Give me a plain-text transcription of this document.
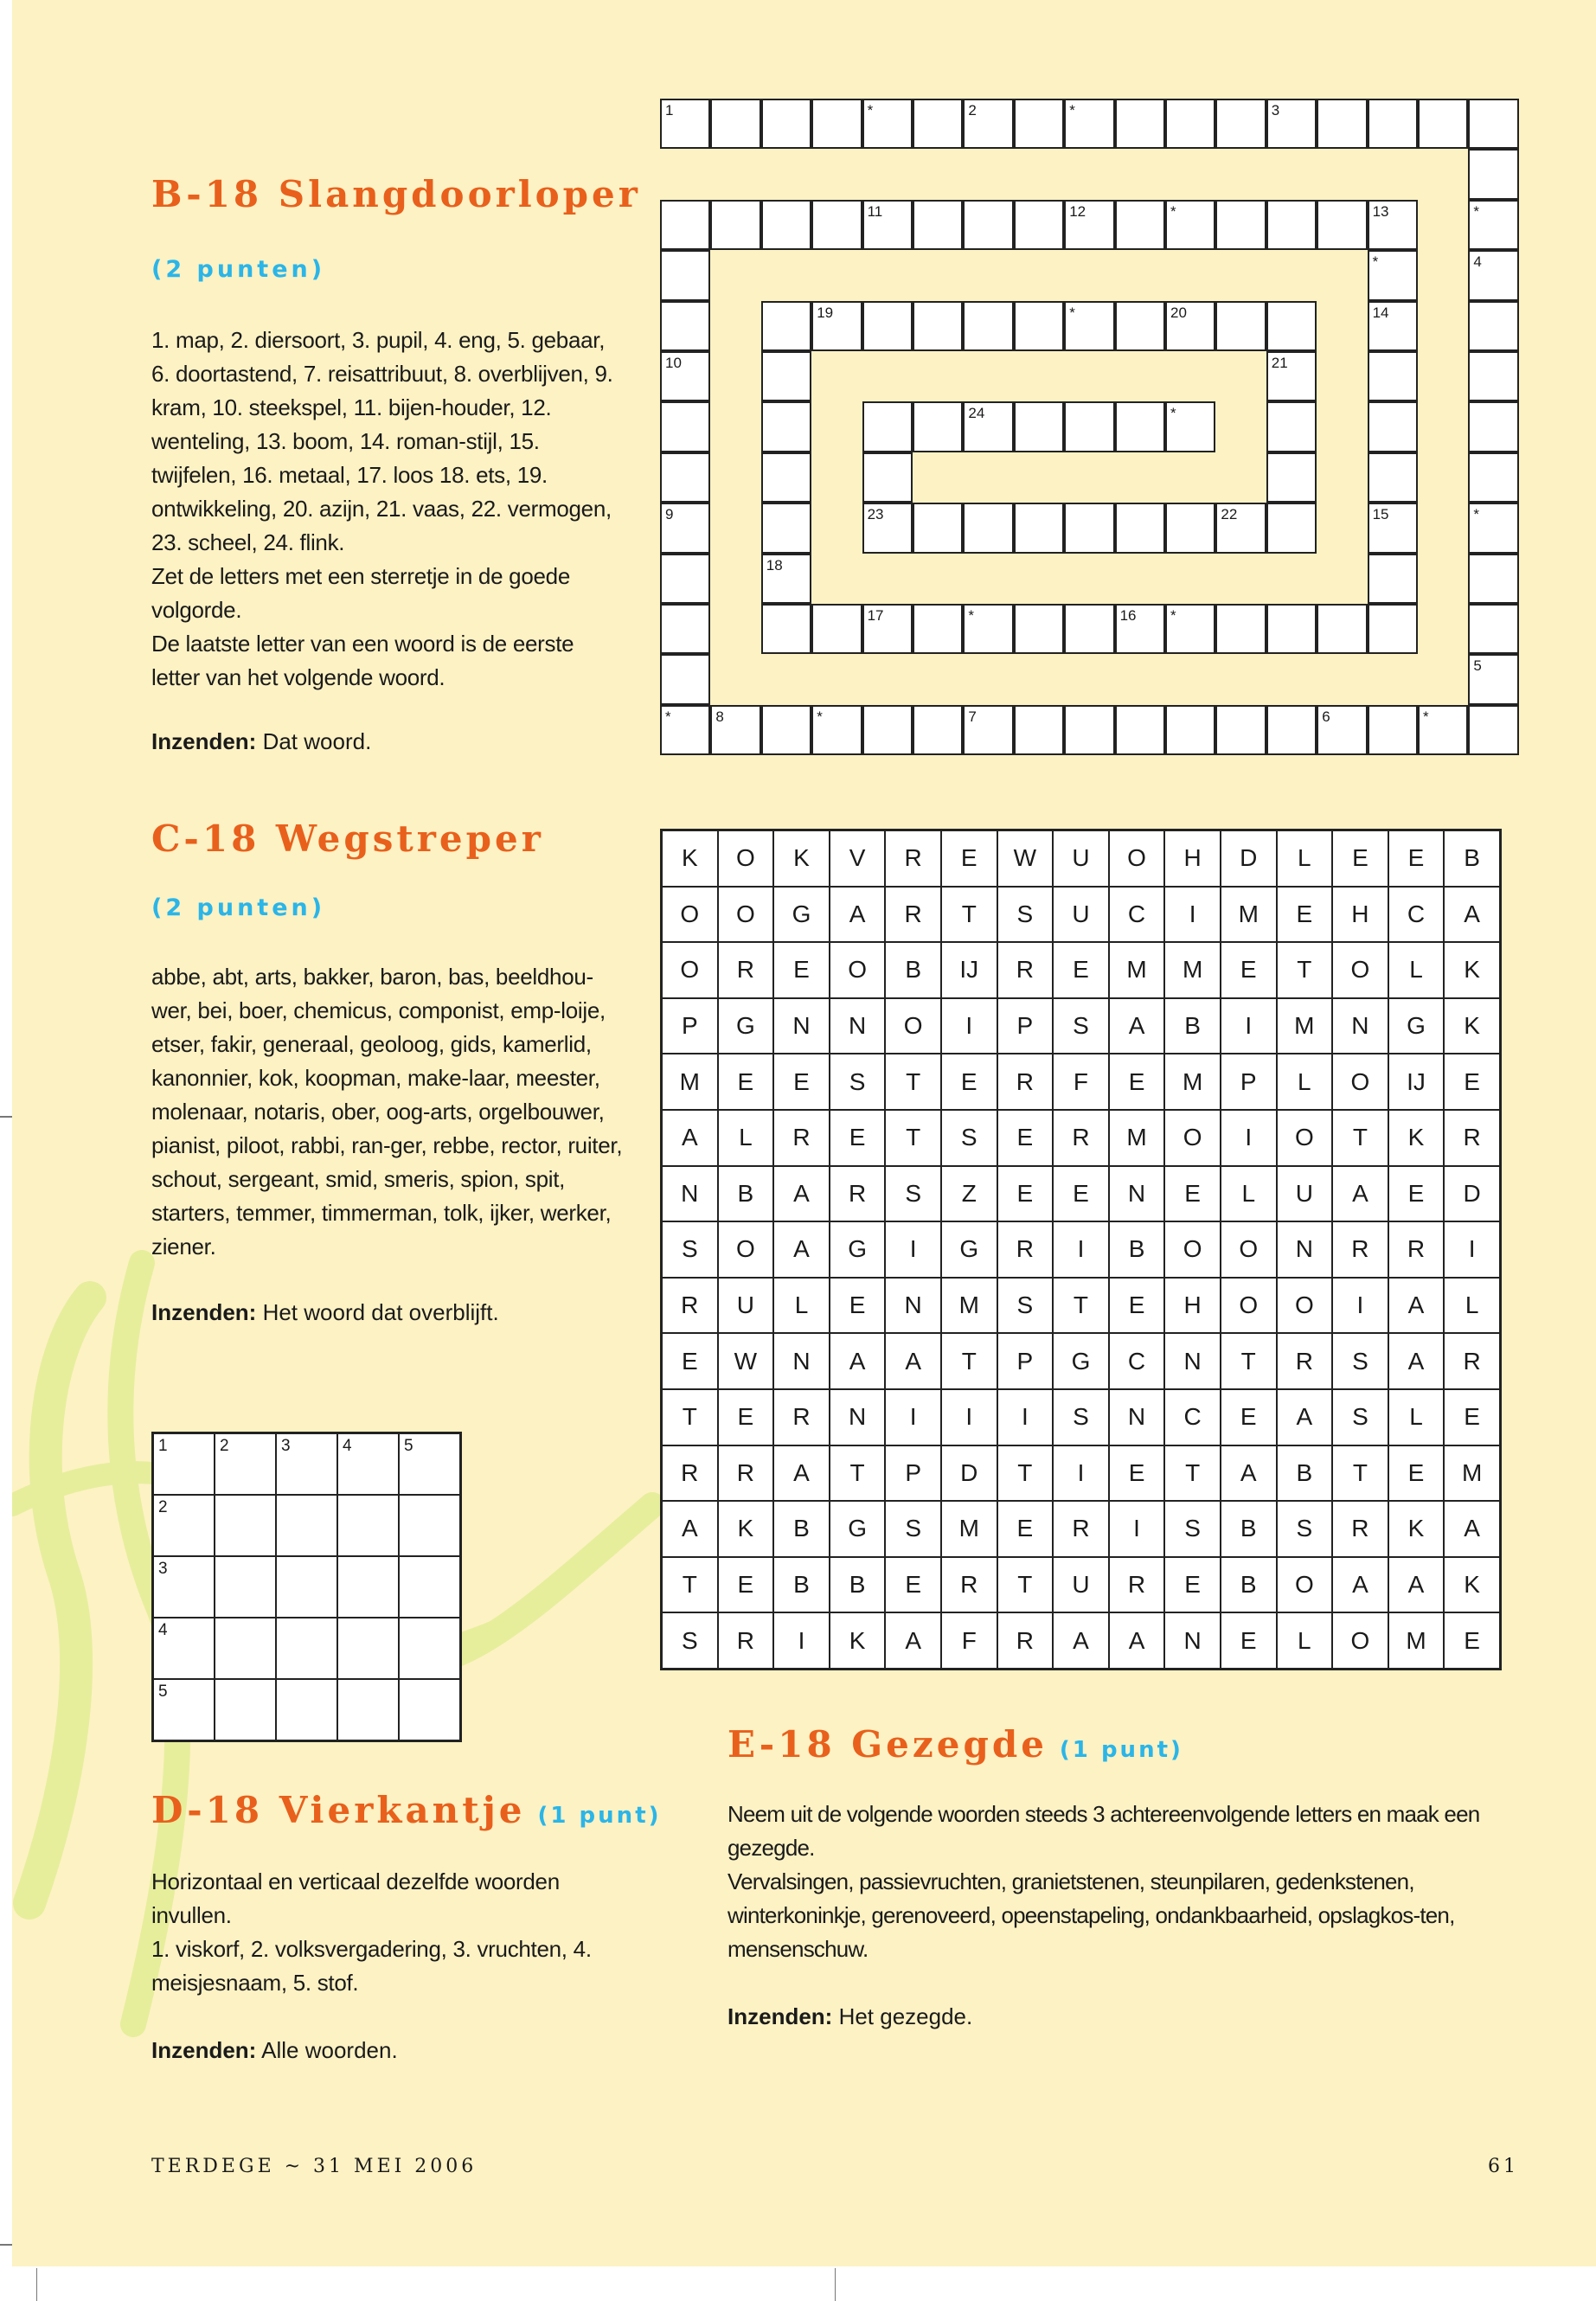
B-18 Slangdoorloper
(2 punten)

1. map, 2. diersoort, 3. pupil, 4. eng, 5. gebaar, 6. doortastend, 7. reisattribuut, 8. overblijven, 9. kram, 10. steekspel, 11. bijen-houder, 12. wenteling, 13. boom, 14. roman-stijl, 15. twijfelen, 16. metaal, 17. loos 18. ets, 19. ontwikkeling, 20. azijn, 21. vaas, 22. vermogen, 23. scheel, 24. flink.

Zet de letters met een sterretje in de goede volgorde.

De laatste letter van een woord is de eerste letter van het volgende woord.

Inzenden: Dat woord.
1	*	2	*	3
11	12	*	13	*
*	4
19	*	20	14
10	21
24	*
9	23	22	15	*
18
17	*	16 *
5
*	8	*	7	6	*
C-18 Wegstreper
(2 punten)
abbe, abt, arts, bakker, baron, bas, beeldhou-wer, bei, boer, chemicus, componist, emp-loije, etser, fakir, generaal, geoloog, gids, kamerlid, kanonnier, kok, koopman, make-laar, meester, molenaar, notaris, ober, oog-arts, orgelbouwer, pianist, piloot, rabbi, ran-ger, rebbe, rector, ruiter, schout, sergeant, smid, smeris, spion, spit, starters, temmer, timmerman, tolk, ijker, werker, ziener.
Inzenden: Het woord dat overblijft.
K	O	K	V	R	E	W	U	O	H	D	L	E	E	B
O	O	G	A	R	T	S	U	C	I	M	E	H	C	A
O	R	E	O	B	IJ	R	E	M	M	E	T	O	L	K
P	G	N	N	O	I	P	S	A	B	I	M	N	G	K
M	E	E	S	T	E	R	F	E	M	P	L	O	IJ	E
A	L	R	E	T	S	E	R	M	O	I	O	T	K	R
N	B	A	R	S	Z	E	E	N	E	L	U	A	E	D
S	O	A	G	I	G	R	I	B	O	O	N	R	R	I
R	U	L	E	N	M	S	T	E	H	O	O	I	A	L
E	W	N	A	A	T	P	G	C	N	T	R	S	A	R
T	E	R	N	I	I	I	S	N	C	E	A	S	L	E
R	R	A	T	P	D	T	I	E	T	A	B	T	E	M
A	K	B	G	S	M	E	R	I	S	B	S	R	K	A
T	E	B	B	E	R	T	U	R	E	B	O	A	A	K
S	R	I	K	A	F	R	A	A	N	E	L	O	M	E
1	2	3	4	5
2
3
4
5
D-18 Vierkantje (1 punt)

Horizontaal en verticaal dezelfde woorden invullen.

1. viskorf, 2. volksvergadering, 3. vruchten, 4. meisjesnaam, 5. stof.

Inzenden: Alle woorden.
E-18 Gezegde (1 punt)

Neem uit de volgende woorden steeds 3 achtereenvolgende letters en maak een gezegde.

Vervalsingen, passievruchten, granietstenen, steunpilaren, gedenkstenen, winterkoninkje, gerenoveerd, opeenstapeling, ondankbaarheid, opslagkos-ten, mensenschuw.

Inzenden: Het gezegde.
TERDEGE ~ 31 MEI 2006	61
